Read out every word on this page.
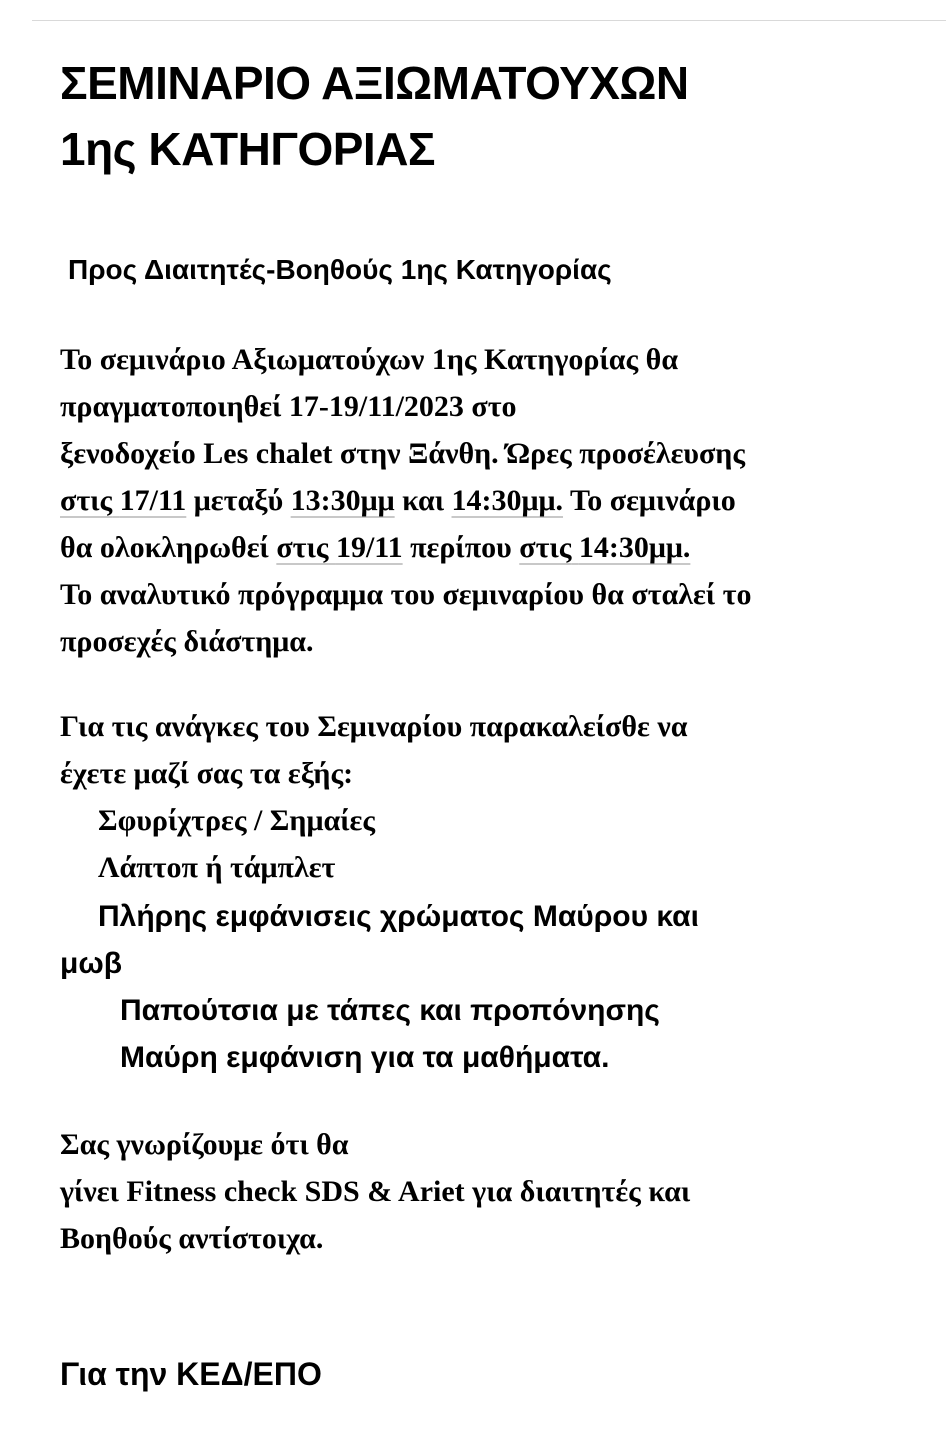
ΣΕΜΙΝΑΡΙΟ ΑΞΙΩΜΑΤΟΥΧΩΝ
1ης ΚΑΤΗΓΟΡΙΑΣ
Προς Διαιτητές-Βοηθούς 1ης Κατηγορίας
Το σεμινάριο Αξιωματούχων 1ης Κατηγορίας θα
πραγματοποιηθεί 17-19/11/2023 στο
ξενοδοχείο Les chalet στην Ξάνθη. Ώρες προσέλευσης
στις 17/11 μεταξύ 13:30μμ και 14:30μμ. Το σεμινάριο
θα ολοκληρωθεί στις 19/11 περίπου στις 14:30μμ.
Το αναλυτικό πρόγραμμα του σεμιναρίου θα σταλεί το
προσεχές διάστημα.
Για τις ανάγκες του Σεμιναρίου παρακαλείσθε να
έχετε μαζί σας τα εξής:
Σφυρίχτρες / Σημαίες
Λάπτοπ ή τάμπλετ
Πλήρης εμφάνισεις χρώματος Μαύρου και
μωβ
Παπούτσια με τάπες και προπόνησης
Μαύρη εμφάνιση για τα μαθήματα.
Σας γνωρίζουμε ότι θα
γίνει Fitness check SDS & Ariet για διαιτητές και
Βοηθούς αντίστοιχα.
Για την ΚΕΔ/ΕΠΟ
